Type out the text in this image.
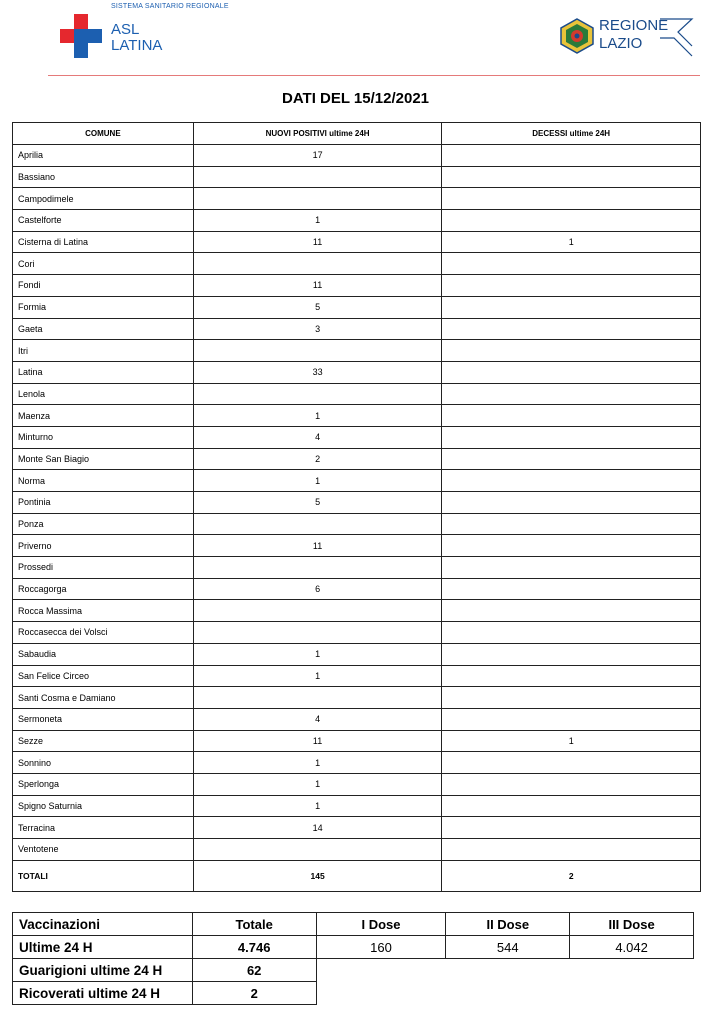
SISTEMA SANITARIO REGIONALE
ASL
LATINA
REGIONE
LAZIO
DATI DEL 15/12/2021
COMUNE	NUOVI POSITIVI ultime 24H	DECESSI ultime 24H
Aprilia	17	
Bassiano		
Campodimele		
Castelforte	1	
Cisterna di Latina	11	1
Cori		
Fondi	11	
Formia	5	
Gaeta	3	
Itri		
Latina	33	
Lenola		
Maenza	1	
Minturno	4	
Monte San Biagio	2	
Norma	1	
Pontinia	5	
Ponza		
Priverno	11	
Prossedi		
Roccagorga	6	
Rocca Massima		
Roccasecca dei Volsci		
Sabaudia	1	
San Felice Circeo	1	
Santi Cosma e Damiano		
Sermoneta	4	
Sezze	11	1
Sonnino	1	
Sperlonga	1	
Spigno Saturnia	1	
Terracina	14	
Ventotene		
TOTALI	145	2
Vaccinazioni	Totale	I Dose	II Dose	III Dose
Ultime 24 H	4.746	160	544	4.042
Guarigioni ultime 24 H	62			
Ricoverati ultime 24 H	2			
